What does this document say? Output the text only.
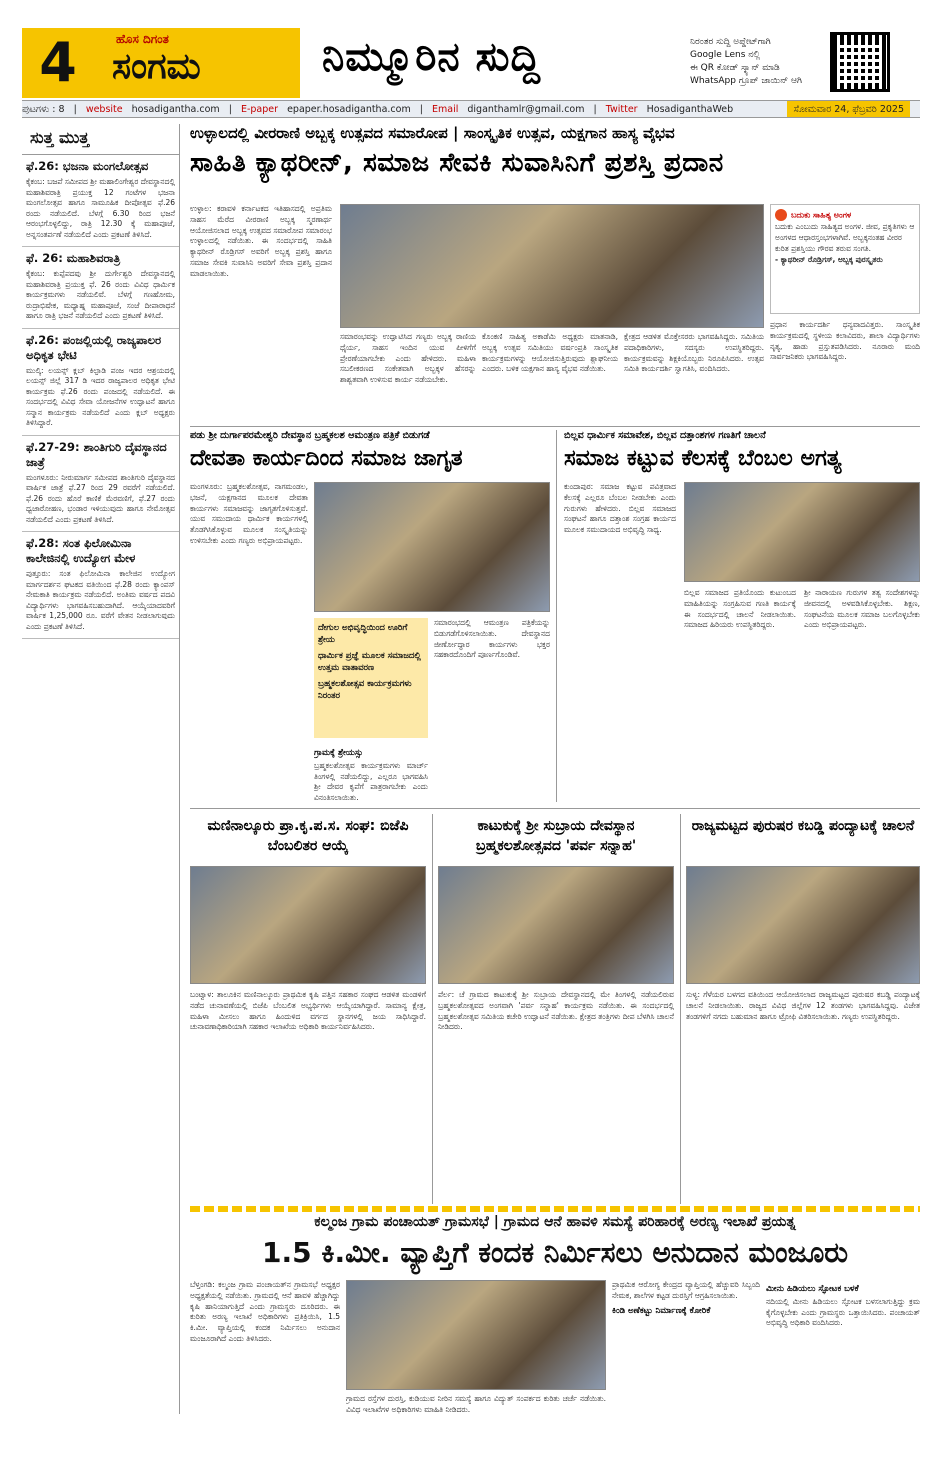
4	ಹೊಸ ದಿಗಂತ
ಸಂಗಮ	ನಿಮ್ಮೂರಿನ ಸುದ್ದಿ	ನಿರಂತರ ಸುದ್ದಿ ಅಪ್ಡೇಟ್‌ಗಾಗಿ
Google Lens ನಲ್ಲಿ
ಈ QR ಕೋಡ್ ಸ್ಕ್ಯಾನ್ ಮಾಡಿ
WhatsApp ಗ್ರೂಪ್ ಜಾಯಿನ್ ಆಗಿ
ಪುಟಗಳು : 8 | website hosadigantha.com | E-paper epaper.hosadigantha.com | Email diganthamlr@gmail.com | Twitter HosadiganthaWeb	ಸೋಮವಾರ 24, ಫೆಬ್ರವರಿ 2025
ಸುತ್ತ ಮುತ್ತ
ಫೆ.26: ಭಜನಾ ಮಂಗಲೋತ್ಸವ

ಕೈಕಂಬ: ಬಜಪೆ ಸಮೀಪದ ಶ್ರೀ ಮಹಾಲಿಂಗೇಶ್ವರ ದೇವಸ್ಥಾನದಲ್ಲಿ ಮಹಾಶಿವರಾತ್ರಿ ಪ್ರಯುಕ್ತ 12 ಗಂಟೆಗಳ ಭಜನಾ ಮಂಗಲೋತ್ಸವ ಹಾಗೂ ಸಾಮೂಹಿಕ ದೀಪೋತ್ಸವ ಫೆ.26 ರಂದು ನಡೆಯಲಿದೆ. ಬೆಳಗ್ಗೆ 6.30 ರಿಂದ ಭಜನೆ ಆರಂಭಗೊಳ್ಳಲಿದ್ದು, ರಾತ್ರಿ 12.30 ಕ್ಕೆ ಮಹಾಪೂಜೆ, ಅನ್ನಸಂತರ್ಪಣೆ ನಡೆಯಲಿದೆ ಎಂದು ಪ್ರಕಟಣೆ ತಿಳಿಸಿದೆ.

ಫೆ. 26: ಮಹಾಶಿವರಾತ್ರಿ

ಕೈಕಂಬ: ಕುಪ್ಪೆಪದವು ಶ್ರೀ ದುರ್ಗೇಶ್ವರಿ ದೇವಸ್ಥಾನದಲ್ಲಿ ಮಹಾಶಿವರಾತ್ರಿ ಪ್ರಯುಕ್ತ ಫೆ. 26 ರಂದು ವಿವಿಧ ಧಾರ್ಮಿಕ ಕಾರ್ಯಕ್ರಮಗಳು ನಡೆಯಲಿವೆ. ಬೆಳಗ್ಗೆ ಗಣಹೋಮ, ರುದ್ರಾಭಿಷೇಕ, ಮಧ್ಯಾಹ್ನ ಮಹಾಪೂಜೆ, ಸಂಜೆ ದೀಪಾರಾಧನೆ ಹಾಗೂ ರಾತ್ರಿ ಭಜನೆ ನಡೆಯಲಿದೆ ಎಂದು ಪ್ರಕಟಣೆ ತಿಳಿಸಿದೆ.

ಫೆ.26: ಪಂಜಲ್ಲಿಯಲ್ಲಿ ರಾಜ್ಯಪಾಲರ ಅಧಿಕೃತ ಭೇಟಿ

ಮುಲ್ಕಿ: ಲಯನ್ಸ್ ಕ್ಲಬ್ ಕಿಲ್ಪಾಡಿ ಪಂಜ ಇದರ ಆಶ್ರಯದಲ್ಲಿ ಲಯನ್ಸ್ ಜಿಲ್ಲೆ 317 ಡಿ ಇದರ ರಾಜ್ಯಪಾಲರ ಅಧಿಕೃತ ಭೇಟಿ ಕಾರ್ಯಕ್ರಮ ಫೆ.26 ರಂದು ಪಂಜದಲ್ಲಿ ನಡೆಯಲಿದೆ. ಈ ಸಂದರ್ಭದಲ್ಲಿ ವಿವಿಧ ಸೇವಾ ಯೋಜನೆಗಳ ಉದ್ಘಾಟನೆ ಹಾಗೂ ಸನ್ಮಾನ ಕಾರ್ಯಕ್ರಮ ನಡೆಯಲಿದೆ ಎಂದು ಕ್ಲಬ್ ಅಧ್ಯಕ್ಷರು ತಿಳಿಸಿದ್ದಾರೆ.

ಫೆ.27-29: ಶಾಂತಿಗುರಿ ದೈವಸ್ಥಾನದ ಜಾತ್ರೆ

ಮಂಗಳೂರು: ನೀರುಮಾರ್ಗ ಸಮೀಪದ ಶಾಂತಿಗುರಿ ದೈವಸ್ಥಾನದ ವಾರ್ಷಿಕ ಜಾತ್ರೆ ಫೆ.27 ರಿಂದ 29 ರವರೆಗೆ ನಡೆಯಲಿದೆ. ಫೆ.26 ರಂದು ಹೊರೆ ಕಾಣಿಕೆ ಮೆರವಣಿಗೆ, ಫೆ.27 ರಂದು ಧ್ವಜಾರೋಹಣ, ಭಂಡಾರ ಇಳಿಯುವುದು ಹಾಗೂ ನೇಮೋತ್ಸವ ನಡೆಯಲಿದೆ ಎಂದು ಪ್ರಕಟಣೆ ತಿಳಿಸಿದೆ.

ಫೆ.28: ಸಂತ ಫಿಲೋಮಿನಾ ಕಾಲೇಜಿನಲ್ಲಿ ಉದ್ಯೋಗ ಮೇಳ

ಪುತ್ತೂರು: ಸಂತ ಫಿಲೋಮಿನಾ ಕಾಲೇಜಿನ ಉದ್ಯೋಗ ಮಾರ್ಗದರ್ಶನ ಘಟಕದ ವತಿಯಿಂದ ಫೆ.28 ರಂದು ಕ್ಯಾಂಪಸ್ ನೇಮಕಾತಿ ಕಾರ್ಯಕ್ರಮ ನಡೆಯಲಿದೆ. ಅಂತಿಮ ವರ್ಷದ ಪದವಿ ವಿದ್ಯಾರ್ಥಿಗಳು ಭಾಗವಹಿಸಬಹುದಾಗಿದೆ. ಆಯ್ಕೆಯಾದವರಿಗೆ ವಾರ್ಷಿಕ 1,25,000 ರೂ. ವರೆಗೆ ವೇತನ ನೀಡಲಾಗುವುದು ಎಂದು ಪ್ರಕಟಣೆ ತಿಳಿಸಿದೆ.

ಉಳ್ಳಾಲದಲ್ಲಿ ವೀರರಾಣಿ ಅಬ್ಬಕ್ಕ ಉತ್ಸವದ ಸಮಾರೋಪ | ಸಾಂಸ್ಕೃತಿಕ ಉತ್ಸವ, ಯಕ್ಷಗಾನ ಹಾಸ್ಯ ವೈಭವ
ಸಾಹಿತಿ ಕ್ಯಾಥರೀನ್, ಸಮಾಜ ಸೇವಕಿ ಸುವಾಸಿನಿಗೆ ಪ್ರಶಸ್ತಿ ಪ್ರದಾನ
ಉಳ್ಳಾಲ: ಕರಾವಳಿ ಕರ್ನಾಟಕದ ಇತಿಹಾಸದಲ್ಲಿ ಅಪ್ರತಿಮ ಸಾಹಸ ಮೆರೆದ ವೀರರಾಣಿ ಅಬ್ಬಕ್ಕ ಸ್ಮರಣಾರ್ಥ ಆಯೋಜಿಸಲಾದ ಅಬ್ಬಕ್ಕ ಉತ್ಸವದ ಸಮಾರೋಪ ಸಮಾರಂಭ ಉಳ್ಳಾಲದಲ್ಲಿ ನಡೆಯಿತು. ಈ ಸಂದರ್ಭದಲ್ಲಿ ಸಾಹಿತಿ ಕ್ಯಾಥರೀನ್ ರೊಡ್ರಿಗಸ್ ಅವರಿಗೆ ಅಬ್ಬಕ್ಕ ಪ್ರಶಸ್ತಿ ಹಾಗೂ ಸಮಾಜ ಸೇವಕಿ ಸುವಾಸಿನಿ ಅವರಿಗೆ ಸೇವಾ ಪ್ರಶಸ್ತಿ ಪ್ರದಾನ ಮಾಡಲಾಯಿತು.
ಬದುಕು ಸಾಹಿತ್ಯ ಅಂಗಳ

ಬದುಕು ಎಂಬುದು ಸಾಹಿತ್ಯದ ಅಂಗಳ. ಜೀವ, ಪ್ರಕೃತಿಗಳು ಆ ಅಂಗಳದ ಆಧಾರಸ್ತಂಭಗಳಾಗಿವೆ. ಅಬ್ಬಕ್ಕನಂತಹ ವೀರರ ಕುರಿತ ಪ್ರಶಸ್ತಿಯು ಗೌರವ ತರುವ ಸಂಗತಿ.

- ಕ್ಯಾಥರೀನ್ ರೊಡ್ರಿಗಸ್, ಅಬ್ಬಕ್ಕ ಪುರಸ್ಕೃತರು

ಸಮಾರಂಭವನ್ನು ಉದ್ಘಾಟಿಸಿದ ಗಣ್ಯರು ಅಬ್ಬಕ್ಕ ರಾಣಿಯ ಧೈರ್ಯ, ಸಾಹಸ ಇಂದಿನ ಯುವ ಪೀಳಿಗೆಗೆ ಪ್ರೇರಣೆಯಾಗಬೇಕು ಎಂದು ಹೇಳಿದರು. ಮಹಿಳಾ ಸಬಲೀಕರಣದ ಸಂಕೇತವಾಗಿ ಅಬ್ಬಕ್ಕಳ ಹೆಸರನ್ನು ಶಾಶ್ವತವಾಗಿ ಉಳಿಸುವ ಕಾರ್ಯ ನಡೆಯಬೇಕು.
ಕೊಂಕಣಿ ಸಾಹಿತ್ಯ ಅಕಾಡೆಮಿ ಅಧ್ಯಕ್ಷರು ಮಾತನಾಡಿ, ಅಬ್ಬಕ್ಕ ಉತ್ಸವ ಸಮಿತಿಯು ವರ್ಷಂಪ್ರತಿ ಸಾಂಸ್ಕೃತಿಕ ಕಾರ್ಯಕ್ರಮಗಳನ್ನು ಆಯೋಜಿಸುತ್ತಿರುವುದು ಶ್ಲಾಘನೀಯ ಎಂದರು. ಬಳಿಕ ಯಕ್ಷಗಾನ ಹಾಸ್ಯ ವೈಭವ ನಡೆಯಿತು.
ಕ್ಷೇತ್ರದ ಆಡಳಿತ ಮೊಕ್ತೇಸರರು ಭಾಗವಹಿಸಿದ್ದರು. ಸಮಿತಿಯ ಪದಾಧಿಕಾರಿಗಳು, ಸದಸ್ಯರು ಉಪಸ್ಥಿತರಿದ್ದರು. ಕಾರ್ಯಕ್ರಮವನ್ನು ಶಿಕ್ಷಕಿಯೊಬ್ಬರು ನಿರೂಪಿಸಿದರು. ಉತ್ಸವ ಸಮಿತಿ ಕಾರ್ಯದರ್ಶಿ ಸ್ವಾಗತಿಸಿ, ವಂದಿಸಿದರು.
ಪ್ರಧಾನ ಕಾರ್ಯದರ್ಶಿ ಧನ್ಯವಾದವಿತ್ತರು. ಸಾಂಸ್ಕೃತಿಕ ಕಾರ್ಯಕ್ರಮದಲ್ಲಿ ಸ್ಥಳೀಯ ಕಲಾವಿದರು, ಶಾಲಾ ವಿದ್ಯಾರ್ಥಿಗಳು ನೃತ್ಯ, ಹಾಡು ಪ್ರಸ್ತುತಪಡಿಸಿದರು. ನೂರಾರು ಮಂದಿ ಸಾರ್ವಜನಿಕರು ಭಾಗವಹಿಸಿದ್ದರು.
ಪಡು ಶ್ರೀ ದುರ್ಗಾಪರಮೇಶ್ವರಿ ದೇವಸ್ಥಾನ ಬ್ರಹ್ಮಕಲಶ ಆಮಂತ್ರಣ ಪತ್ರಿಕೆ ಬಿಡುಗಡೆ
ದೇವತಾ ಕಾರ್ಯದಿಂದ ಸಮಾಜ ಜಾಗೃತ
ಮಂಗಳೂರು: ಬ್ರಹ್ಮಕಲಶೋತ್ಸವ, ನಾಗಮಂಡಲ, ಭಜನೆ, ಯಕ್ಷಗಾನದ ಮೂಲಕ ದೇವತಾ ಕಾರ್ಯಗಳು ಸಮಾಜವನ್ನು ಜಾಗೃತಗೊಳಿಸುತ್ತವೆ. ಯುವ ಸಮುದಾಯ ಧಾರ್ಮಿಕ ಕಾರ್ಯಗಳಲ್ಲಿ ತೊಡಗಿಸಿಕೊಳ್ಳುವ ಮೂಲಕ ಸಂಸ್ಕೃತಿಯನ್ನು ಉಳಿಸಬೇಕು ಎಂದು ಗಣ್ಯರು ಅಭಿಪ್ರಾಯಪಟ್ಟರು.
ದೇಗುಲ ಅಭಿವೃದ್ಧಿಯಿಂದ ಊರಿಗೆ ಶ್ರೇಯ
ಧಾರ್ಮಿಕ ಪ್ರಜ್ಞೆ ಮೂಲಕ ಸಮಾಜದಲ್ಲಿ ಉತ್ತಮ ವಾತಾವರಣ
ಬ್ರಹ್ಮಕಲಶೋತ್ಸವ ಕಾರ್ಯಕ್ರಮಗಳು ನಿರಂತರ
ಸಮಾರಂಭದಲ್ಲಿ ಆಮಂತ್ರಣ ಪತ್ರಿಕೆಯನ್ನು ಬಿಡುಗಡೆಗೊಳಿಸಲಾಯಿತು. ದೇವಸ್ಥಾನದ ಜೀರ್ಣೋದ್ಧಾರ ಕಾರ್ಯಗಳು ಭಕ್ತರ ಸಹಕಾರದೊಂದಿಗೆ ಪೂರ್ಣಗೊಂಡಿವೆ.
ಗ್ರಾಮಕ್ಕೆ ಶ್ರೇಯಸ್ಸು
ಬ್ರಹ್ಮಕಲಶೋತ್ಸವ ಕಾರ್ಯಕ್ರಮಗಳು ಮಾರ್ಚ್ ತಿಂಗಳಲ್ಲಿ ನಡೆಯಲಿದ್ದು, ಎಲ್ಲರೂ ಭಾಗವಹಿಸಿ ಶ್ರೀ ದೇವರ ಕೃಪೆಗೆ ಪಾತ್ರರಾಗಬೇಕು ಎಂದು ವಿನಂತಿಸಲಾಯಿತು.
ಬಿಲ್ಲವ ಧಾರ್ಮಿಕ ಸಮಾವೇಶ, ಬಿಲ್ಲವ ದತ್ತಾಂಶಗಳ ಗಣತಿಗೆ ಚಾಲನೆ
ಸಮಾಜ ಕಟ್ಟುವ ಕೆಲಸಕ್ಕೆ ಬೆಂಬಲ ಅಗತ್ಯ
ಕುಂದಾಪುರ: ಸಮಾಜ ಕಟ್ಟುವ ಪವಿತ್ರವಾದ ಕೆಲಸಕ್ಕೆ ಎಲ್ಲರೂ ಬೆಂಬಲ ನೀಡಬೇಕು ಎಂದು ಗುರುಗಳು ಹೇಳಿದರು. ಬಿಲ್ಲವ ಸಮಾಜದ ಸಂಘಟನೆ ಹಾಗೂ ದತ್ತಾಂಶ ಸಂಗ್ರಹ ಕಾರ್ಯದ ಮೂಲಕ ಸಮುದಾಯದ ಅಭಿವೃದ್ಧಿ ಸಾಧ್ಯ.
ಬಿಲ್ಲವ ಸಮಾಜದ ಪ್ರತಿಯೊಂದು ಕುಟುಂಬದ ಮಾಹಿತಿಯನ್ನು ಸಂಗ್ರಹಿಸುವ ಗಣತಿ ಕಾರ್ಯಕ್ಕೆ ಈ ಸಂದರ್ಭದಲ್ಲಿ ಚಾಲನೆ ನೀಡಲಾಯಿತು. ಸಮಾಜದ ಹಿರಿಯರು ಉಪಸ್ಥಿತರಿದ್ದರು.
ಶ್ರೀ ನಾರಾಯಣ ಗುರುಗಳ ತತ್ವ ಸಂದೇಶಗಳನ್ನು ಜೀವನದಲ್ಲಿ ಅಳವಡಿಸಿಕೊಳ್ಳಬೇಕು. ಶಿಕ್ಷಣ, ಸಂಘಟನೆಯ ಮೂಲಕ ಸಮಾಜ ಬಲಗೊಳ್ಳಬೇಕು ಎಂದು ಅಭಿಪ್ರಾಯಪಟ್ಟರು.
ಮಣಿನಾಲ್ಕೂರು ಪ್ರಾ.ಕೃ.ಪ.ಸ. ಸಂಘ: ಬಿಜೆಪಿ ಬೆಂಬಲಿತರ ಆಯ್ಕೆ
ಬಂಟ್ವಾಳ: ತಾಲೂಕಿನ ಮಣಿನಾಲ್ಕೂರು ಪ್ರಾಥಮಿಕ ಕೃಷಿ ಪತ್ತಿನ ಸಹಕಾರ ಸಂಘದ ಆಡಳಿತ ಮಂಡಳಿಗೆ ನಡೆದ ಚುನಾವಣೆಯಲ್ಲಿ ಬಿಜೆಪಿ ಬೆಂಬಲಿತ ಅಭ್ಯರ್ಥಿಗಳು ಆಯ್ಕೆಯಾಗಿದ್ದಾರೆ. ಸಾಮಾನ್ಯ ಕ್ಷೇತ್ರ, ಮಹಿಳಾ ಮೀಸಲು ಹಾಗೂ ಹಿಂದುಳಿದ ವರ್ಗದ ಸ್ಥಾನಗಳಲ್ಲಿ ಜಯ ಸಾಧಿಸಿದ್ದಾರೆ. ಚುನಾವಣಾಧಿಕಾರಿಯಾಗಿ ಸಹಕಾರ ಇಲಾಖೆಯ ಅಧಿಕಾರಿ ಕಾರ್ಯನಿರ್ವಹಿಸಿದರು.
ಕಾಟುಕುಕ್ಕೆ ಶ್ರೀ ಸುಬ್ರಾಯ ದೇವಸ್ಥಾನ ಬ್ರಹ್ಮಕಲಶೋತ್ಸವದ 'ಪರ್ವ ಸನ್ನಾಹ'
ಪೆರ್ಲ: ಚೆ ಗ್ರಾಮದ ಕಾಟುಕುಕ್ಕೆ ಶ್ರೀ ಸುಬ್ರಾಯ ದೇವಸ್ಥಾನದಲ್ಲಿ ಮೇ ತಿಂಗಳಲ್ಲಿ ನಡೆಯಲಿರುವ ಬ್ರಹ್ಮಕಲಶೋತ್ಸವದ ಅಂಗವಾಗಿ 'ಪರ್ವ ಸನ್ನಾಹ' ಕಾರ್ಯಕ್ರಮ ನಡೆಯಿತು. ಈ ಸಂದರ್ಭದಲ್ಲಿ ಬ್ರಹ್ಮಕಲಶೋತ್ಸವ ಸಮಿತಿಯ ಕಚೇರಿ ಉದ್ಘಾಟನೆ ನಡೆಯಿತು. ಕ್ಷೇತ್ರದ ತಂತ್ರಿಗಳು ದೀಪ ಬೆಳಗಿಸಿ ಚಾಲನೆ ನೀಡಿದರು.
ರಾಜ್ಯಮಟ್ಟದ ಪುರುಷರ ಕಬಡ್ಡಿ ಪಂದ್ಯಾಟಕ್ಕೆ ಚಾಲನೆ
ಸುಳ್ಯ: ಗೆಳೆಯರ ಬಳಗದ ವತಿಯಿಂದ ಆಯೋಜಿಸಲಾದ ರಾಜ್ಯಮಟ್ಟದ ಪುರುಷರ ಕಬಡ್ಡಿ ಪಂದ್ಯಾಟಕ್ಕೆ ಚಾಲನೆ ನೀಡಲಾಯಿತು. ರಾಜ್ಯದ ವಿವಿಧ ಜಿಲ್ಲೆಗಳ 12 ತಂಡಗಳು ಭಾಗವಹಿಸಿದ್ದವು. ವಿಜೇತ ತಂಡಗಳಿಗೆ ನಗದು ಬಹುಮಾನ ಹಾಗೂ ಟ್ರೋಫಿ ವಿತರಿಸಲಾಯಿತು. ಗಣ್ಯರು ಉಪಸ್ಥಿತರಿದ್ದರು.
ಕಲ್ಮಂಜ ಗ್ರಾಮ ಪಂಚಾಯತ್ ಗ್ರಾಮಸಭೆ | ಗ್ರಾಮದ ಆನೆ ಹಾವಳಿ ಸಮಸ್ಯೆ ಪರಿಹಾರಕ್ಕೆ ಅರಣ್ಯ ಇಲಾಖೆ ಪ್ರಯತ್ನ
1.5 ಕಿ.ಮೀ. ವ್ಯಾಪ್ತಿಗೆ ಕಂದಕ ನಿರ್ಮಿಸಲು ಅನುದಾನ ಮಂಜೂರು
ಬೆಳ್ತಂಗಡಿ: ಕಲ್ಮಂಜ ಗ್ರಾಮ ಪಂಚಾಯತ್‌ನ ಗ್ರಾಮಸಭೆ ಅಧ್ಯಕ್ಷರ ಅಧ್ಯಕ್ಷತೆಯಲ್ಲಿ ನಡೆಯಿತು. ಗ್ರಾಮದಲ್ಲಿ ಆನೆ ಹಾವಳಿ ಹೆಚ್ಚಾಗಿದ್ದು ಕೃಷಿ ಹಾನಿಯಾಗುತ್ತಿದೆ ಎಂದು ಗ್ರಾಮಸ್ಥರು ದೂರಿದರು. ಈ ಕುರಿತು ಅರಣ್ಯ ಇಲಾಖೆ ಅಧಿಕಾರಿಗಳು ಪ್ರತಿಕ್ರಿಯಿಸಿ, 1.5 ಕಿ.ಮೀ. ವ್ಯಾಪ್ತಿಯಲ್ಲಿ ಕಂದಕ ನಿರ್ಮಿಸಲು ಅನುದಾನ ಮಂಜೂರಾಗಿದೆ ಎಂದು ತಿಳಿಸಿದರು.
ಗ್ರಾಮದ ರಸ್ತೆಗಳ ದುರಸ್ತಿ, ಕುಡಿಯುವ ನೀರಿನ ಸಮಸ್ಯೆ ಹಾಗೂ ವಿದ್ಯುತ್ ಸಂಪರ್ಕದ ಕುರಿತು ಚರ್ಚೆ ನಡೆಯಿತು. ವಿವಿಧ ಇಲಾಖೆಗಳ ಅಧಿಕಾರಿಗಳು ಮಾಹಿತಿ ನೀಡಿದರು.
ಪ್ರಾಥಮಿಕ ಆರೋಗ್ಯ ಕೇಂದ್ರದ ವ್ಯಾಪ್ತಿಯಲ್ಲಿ ಹೆಚ್ಚುವರಿ ಸಿಬ್ಬಂದಿ ನೇಮಕ, ಶಾಲೆಗಳ ಕಟ್ಟಡ ದುರಸ್ತಿಗೆ ಆಗ್ರಹಿಸಲಾಯಿತು.
ಕಿಂಡಿ ಅಣೆಕಟ್ಟು ನಿರ್ಮಾಣಕ್ಕೆ ಕೋರಿಕೆ
ಮೀನು ಹಿಡಿಯಲು ಸ್ಫೋಟಕ ಬಳಕೆ
ನದಿಯಲ್ಲಿ ಮೀನು ಹಿಡಿಯಲು ಸ್ಫೋಟಕ ಬಳಸಲಾಗುತ್ತಿದ್ದು ಕ್ರಮ ಕೈಗೊಳ್ಳಬೇಕು ಎಂದು ಗ್ರಾಮಸ್ಥರು ಒತ್ತಾಯಿಸಿದರು. ಪಂಚಾಯತ್ ಅಭಿವೃದ್ಧಿ ಅಧಿಕಾರಿ ವಂದಿಸಿದರು.
